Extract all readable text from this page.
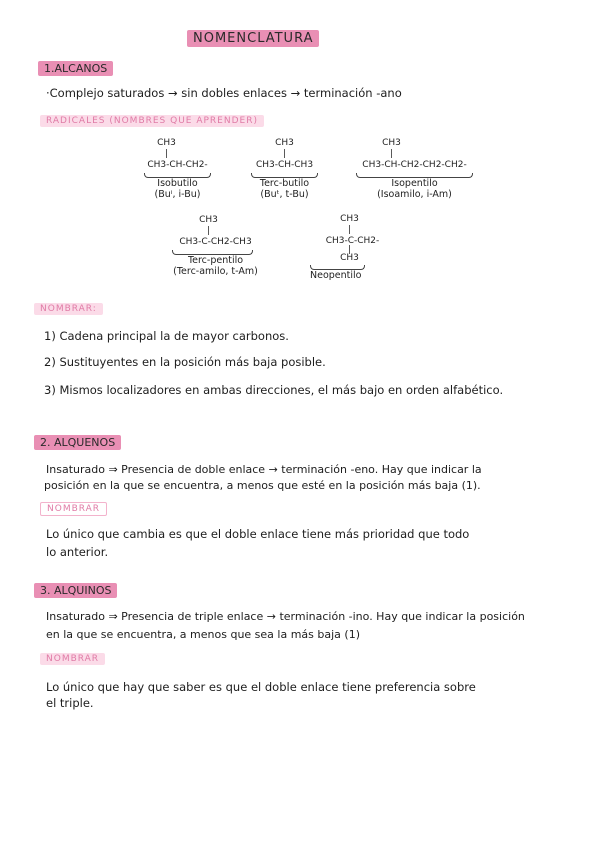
NOMENCLATURA
1.ALCANOS
·Complejo saturados → sin dobles enlaces → terminación -ano
RADICALES (NOMBRES QUE APRENDER)
CH3
|
CH3-CH-CH2-
Isobutilo
(Buⁱ, i-Bu)
CH3
|
CH3-CH-CH3
Terc-butilo
(Buᵗ, t-Bu)
CH3
|
CH3-CH-CH2-CH2-CH2-
Isopentilo
(Isoamilo, i-Am)
CH3
|
CH3-C-CH2-CH3
Terc-pentilo
(Terc-amilo, t-Am)
CH3
|
CH3-C-CH2-
|
CH3
Neopentilo
NOMBRAR:
1) Cadena principal la de mayor carbonos.
2) Sustituyentes en la posición más baja posible.
3) Mismos localizadores en ambas direcciones, el más bajo en orden alfabético.
2. ALQUENOS
Insaturado ⇒ Presencia de doble enlace → terminación -eno. Hay que indicar la
posición en la que se encuentra, a menos que esté en la posición más baja (1).
NOMBRAR
Lo único que cambia es que el doble enlace tiene más prioridad que todo
lo anterior.
3. ALQUINOS
Insaturado ⇒ Presencia de triple enlace → terminación -ino. Hay que indicar la posición
en la que se encuentra, a menos que sea la más baja (1)
NOMBRAR
Lo único que hay que saber es que el doble enlace tiene preferencia sobre
el triple.
